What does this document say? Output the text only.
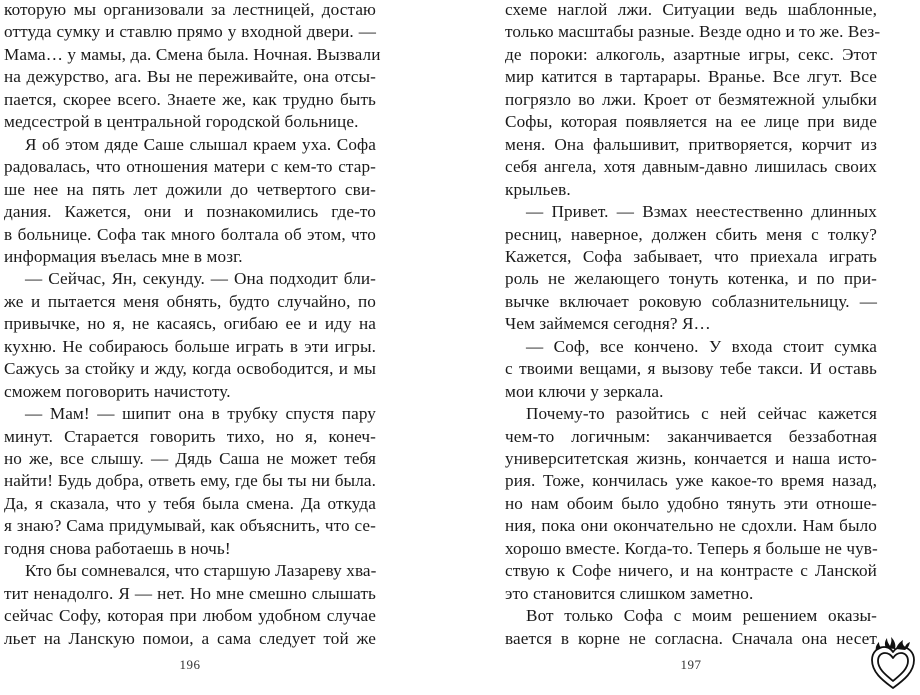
которую мы организовали за лестницей, достаю
оттуда сумку и ставлю прямо у входной двери. —
Мама… у мамы, да. Смена была. Ночная. Вызвали
на дежурство, ага. Вы не переживайте, она отсы-
пается, скорее всего. Знаете же, как трудно быть
медсестрой в центральной городской больнице.
Я об этом дяде Саше слышал краем уха. Софа
радовалась, что отношения матери с кем-то стар-
ше нее на пять лет дожили до четвертого сви-
дания. Кажется, они и познакомились где-то
в больнице. Софа так много болтала об этом, что
информация въелась мне в мозг.
— Сейчас, Ян, секунду. — Она подходит бли-
же и пытается меня обнять, будто случайно, по
привычке, но я, не касаясь, огибаю ее и иду на
кухню. Не собираюсь больше играть в эти игры.
Сажусь за стойку и жду, когда освободится, и мы
сможем поговорить начистоту.
— Мам! — шипит она в трубку спустя пару
минут. Старается говорить тихо, но я, конеч-
но же, все слышу. — Дядь Саша не может тебя
найти! Будь добра, ответь ему, где бы ты ни была.
Да, я сказала, что у тебя была смена. Да откуда
я знаю? Сама придумывай, как объяснить, что се-
годня снова работаешь в ночь!
Кто бы сомневался, что старшую Лазареву хва-
тит ненадолго. Я — нет. Но мне смешно слышать
сейчас Софу, которая при любом удобном случае
льет на Ланскую помои, а сама следует той же
196
схеме наглой лжи. Ситуации ведь шаблонные,
только масштабы разные. Везде одно и то же. Вез-
де пороки: алкоголь, азартные игры, секс. Этот
мир катится в тартарары. Вранье. Все лгут. Все
погрязло во лжи. Кроет от безмятежной улыбки
Софы, которая появляется на ее лице при виде
меня. Она фальшивит, притворяется, корчит из
себя ангела, хотя давным-давно лишилась своих
крыльев.
— Привет. — Взмах неестественно длинных
ресниц, наверное, должен сбить меня с толку?
Кажется, Софа забывает, что приехала играть
роль не желающего тонуть котенка, и по при-
вычке включает роковую соблазнительницу. —
Чем займемся сегодня? Я…
— Соф, все кончено. У входа стоит сумка
с твоими вещами, я вызову тебе такси. И оставь
мои ключи у зеркала.
Почему-то разойтись с ней сейчас кажется
чем-то логичным: заканчивается беззаботная
университетская жизнь, кончается и наша исто-
рия. Тоже, кончилась уже какое-то время назад,
но нам обоим было удобно тянуть эти отноше-
ния, пока они окончательно не сдохли. Нам было
хорошо вместе. Когда-то. Теперь я больше не чув-
ствую к Софе ничего, и на контрасте с Ланской
это становится слишком заметно.
Вот только Софа с моим решением оказы-
вается в корне не согласна. Сначала она несет
197
